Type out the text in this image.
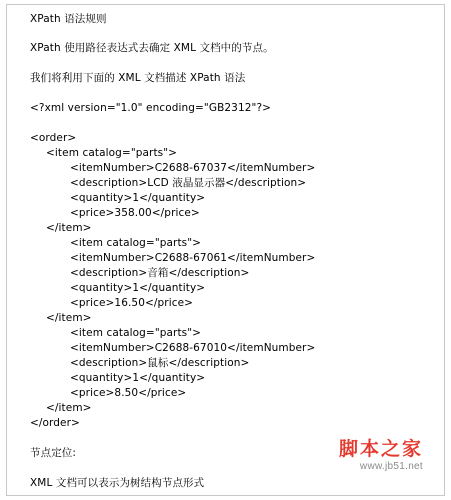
XPath 语法规则
XPath 使用路径表达式去确定 XML 文档中的节点。
我们将利用下面的 XML 文档描述 XPath 语法
<?xml version="1.0" encoding="GB2312"?>
<order>
<item catalog="parts">
<itemNumber>C2688-67037</itemNumber>
<description>LCD 液晶显示器</description>
<quantity>1</quantity>
<price>358.00</price>
</item>
<item catalog="parts">
<itemNumber>C2688-67061</itemNumber>
<description>音箱</description>
<quantity>1</quantity>
<price>16.50</price>
</item>
<item catalog="parts">
<itemNumber>C2688-67010</itemNumber>
<description>鼠标</description>
<quantity>1</quantity>
<price>8.50</price>
</item>
</order>
节点定位:
XML 文档可以表示为树结构节点形式
脚本之家
www.jb51.net
